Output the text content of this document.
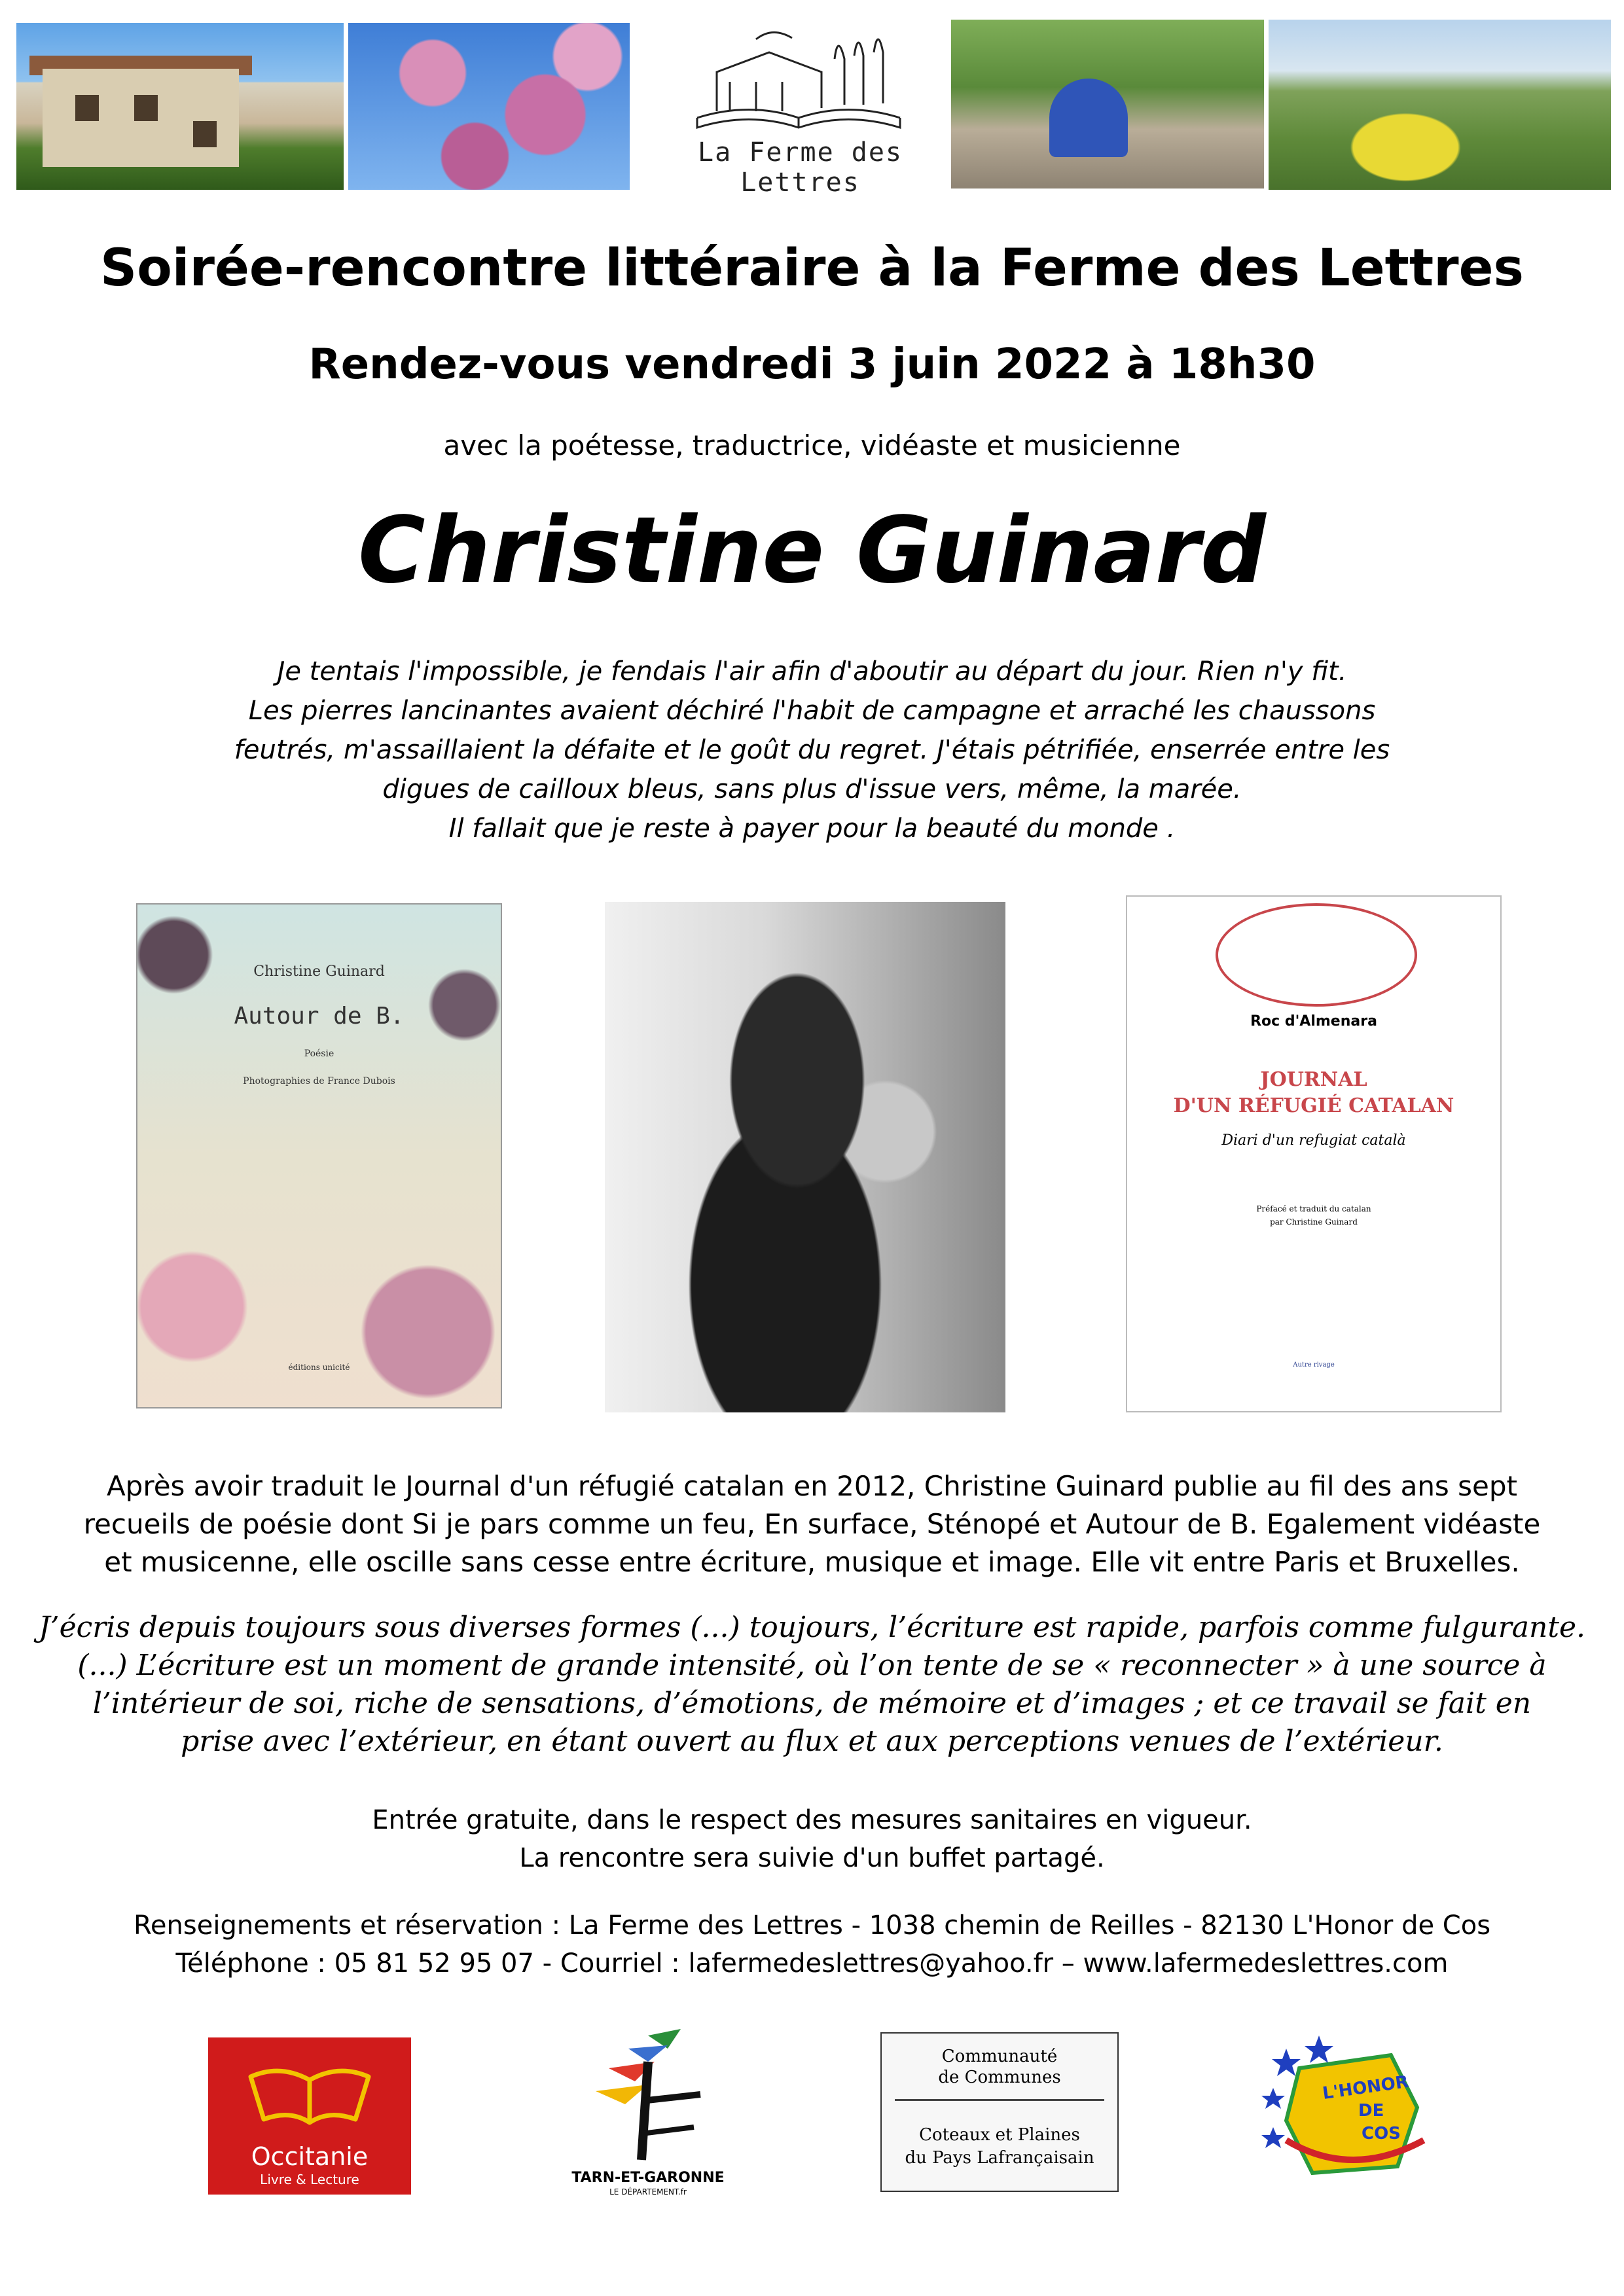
La Ferme des Lettres
Soirée-rencontre littéraire à la Ferme des Lettres
Rendez-vous vendredi 3 juin 2022 à 18h30
avec la poétesse, traductrice, vidéaste et musicienne
Christine Guinard
Je tentais l'impossible, je fendais l'air afin d'aboutir au départ du jour. Rien n'y fit.
Les pierres lancinantes avaient déchiré l'habit de campagne et arraché les chaussons
feutrés, m'assaillaient la défaite et le goût du regret. J'étais pétrifiée, enserrée entre les
digues de cailloux bleus, sans plus d'issue vers, même, la marée.
Il fallait que je reste à payer pour la beauté du monde .
Christine Guinard
Autour de B.
Poésie
Photographies de France Dubois
éditions unicité
Roc d'Almenara
JOURNAL
D'UN RÉFUGIÉ CATALAN
Diari d'un refugiat català
Préfacé et traduit du catalan
par Christine Guinard
Autre rivage
Après avoir traduit le Journal d'un réfugié catalan en 2012, Christine Guinard publie au fil des ans sept
recueils de poésie dont Si je pars comme un feu, En surface, Sténopé et Autour de B. Egalement vidéaste
et musicenne, elle oscille sans cesse entre écriture, musique et image. Elle vit entre Paris et Bruxelles.
J’écris depuis toujours sous diverses formes (...) toujours, l’écriture est rapide, parfois comme fulgurante.
(...) L’écriture est un moment de grande intensité, où l’on tente de se « reconnecter » à une source à
l’intérieur de soi, riche de sensations, d’émotions, de mémoire et d’images ; et ce travail se fait en
prise avec l’extérieur, en étant ouvert au flux et aux perceptions venues de l’extérieur.
Entrée gratuite, dans le respect des mesures sanitaires en vigueur.
La rencontre sera suivie d'un buffet partagé.
Renseignements et réservation : La Ferme des Lettres - 1038 chemin de Reilles - 82130 L'Honor de Cos
Téléphone : 05 81 52 95 07 - Courriel : lafermedeslettres@yahoo.fr – www.lafermedeslettres.com
Occitanie
Livre & Lecture	TARN-ET-GARONNE
LE DÉPARTEMENT.fr
Communauté
de Communes
Coteaux et Plaines
du Pays Lafrançaisain
L'HONOR
DE
COS
